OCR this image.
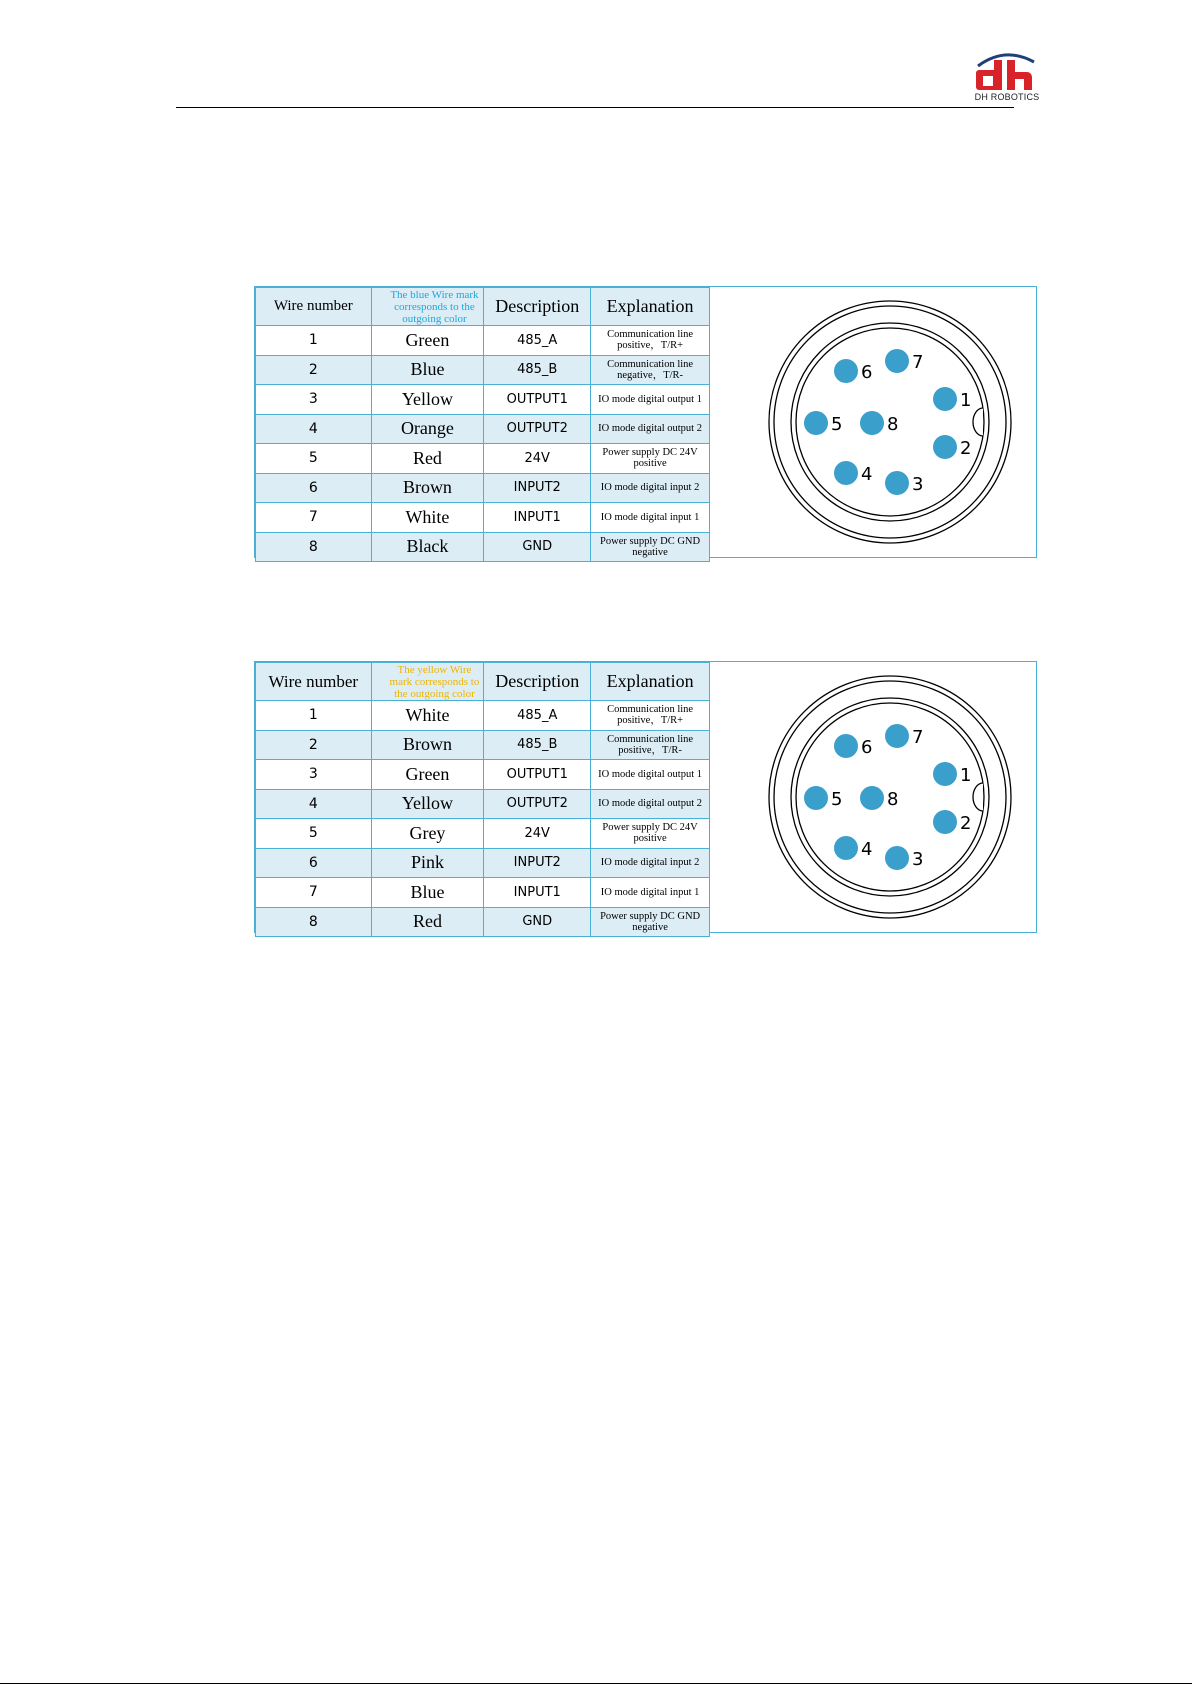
DH ROBOTICS
Wire number	The blue Wire mark corresponds to the outgoing color	Description	Explanation
1	Green	485_A	Communication line positive，T/R+
2	Blue	485_B	Communication line negative，T/R-
3	Yellow	OUTPUT1	IO mode digital output 1
4	Orange	OUTPUT2	IO mode digital output 2
5	Red	24V	Power supply DC 24V positive
6	Brown	INPUT2	IO mode digital input 2
7	White	INPUT1	IO mode digital input 1
8	Black	GND	Power supply DC GND negative
1
2
3
4
5
6 7
8
Wire number	The yellow Wire mark corresponds to the outgoing color	Description	Explanation
1	White	485_A	Communication line positive，T/R+
2	Brown	485_B	Communication line positive，T/R-
3	Green	OUTPUT1	IO mode digital output 1
4	Yellow	OUTPUT2	IO mode digital output 2
5	Grey	24V	Power supply DC 24V positive
6	Pink	INPUT2	IO mode digital input 2
7	Blue	INPUT1	IO mode digital input 1
8	Red	GND	Power supply DC GND negative
1
2
3
4
5
6 7
8
